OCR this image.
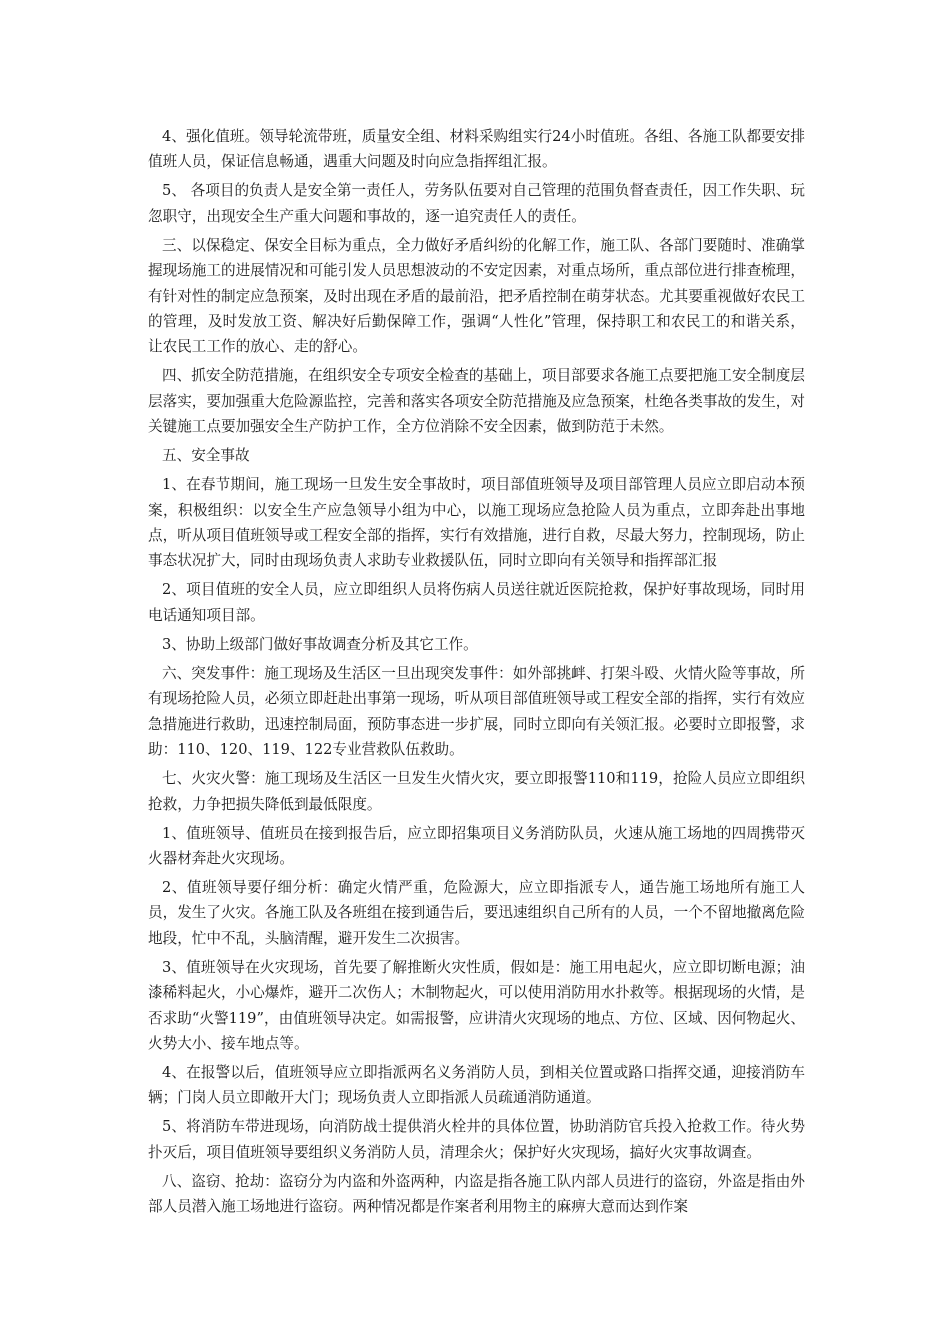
4、强化值班。领导轮流带班，质量安全组、材料采购组实行24小时值班。各组、各施工队都要安排值班人员，保证信息畅通，遇重大问题及时向应急指挥组汇报。

5、 各项目的负责人是安全第一责任人，劳务队伍要对自己管理的范围负督查责任，因工作失职、玩忽职守，出现安全生产重大问题和事故的，逐一追究责任人的责任。

三、以保稳定、保安全目标为重点，全力做好矛盾纠纷的化解工作，施工队、各部门要随时、准确掌握现场施工的进展情况和可能引发人员思想波动的不安定因素，对重点场所，重点部位进行排查梳理，有针对性的制定应急预案，及时出现在矛盾的最前沿，把矛盾控制在萌芽状态。尤其要重视做好农民工的管理，及时发放工资、解决好后勤保障工作，强调“人性化”管理，保持职工和农民工的和谐关系，让农民工工作的放心、走的舒心。

四、抓安全防范措施，在组织安全专项安全检查的基础上，项目部要求各施工点要把施工安全制度层层落实，要加强重大危险源监控，完善和落实各项安全防范措施及应急预案，杜绝各类事故的发生，对关键施工点要加强安全生产防护工作，全方位消除不安全因素，做到防范于未然。

五、安全事故

1、在春节期间，施工现场一旦发生安全事故时，项目部值班领导及项目部管理人员应立即启动本预案，积极组织：以安全生产应急领导小组为中心，以施工现场应急抢险人员为重点，立即奔赴出事地点，听从项目值班领导或工程安全部的指挥，实行有效措施，进行自救，尽最大努力，控制现场，防止事态状况扩大，同时由现场负责人求助专业救援队伍，同时立即向有关领导和指挥部汇报

2、项目值班的安全人员，应立即组织人员将伤病人员送往就近医院抢救，保护好事故现场，同时用电话通知项目部。

3、协助上级部门做好事故调查分析及其它工作。

六、突发事件：施工现场及生活区一旦出现突发事件：如外部挑衅、打架斗殴、火情火险等事故，所有现场抢险人员，必须立即赶赴出事第一现场，听从项目部值班领导或工程安全部的指挥，实行有效应急措施进行救助，迅速控制局面，预防事态进一步扩展，同时立即向有关领汇报。必要时立即报警，求助：110、120、119、122专业营救队伍救助。

七、火灾火警：施工现场及生活区一旦发生火情火灾，要立即报警110和119，抢险人员应立即组织抢救，力争把损失降低到最低限度。

1、值班领导、值班员在接到报告后，应立即招集项目义务消防队员，火速从施工场地的四周携带灭火器材奔赴火灾现场。

2、值班领导要仔细分析：确定火情严重，危险源大，应立即指派专人，通告施工场地所有施工人员，发生了火灾。各施工队及各班组在接到通告后，要迅速组织自己所有的人员，一个不留地撤离危险地段，忙中不乱，头脑清醒，避开发生二次损害。

3、值班领导在火灾现场，首先要了解推断火灾性质，假如是：施工用电起火，应立即切断电源；油漆稀料起火，小心爆炸，避开二次伤人；木制物起火，可以使用消防用水扑救等。根据现场的火情，是否求助“火警119”，由值班领导决定。如需报警，应讲清火灾现场的地点、方位、区域、因何物起火、火势大小、接车地点等。

4、在报警以后，值班领导应立即指派两名义务消防人员，到相关位置或路口指挥交通，迎接消防车辆；门岗人员立即敞开大门；现场负责人立即指派人员疏通消防通道。

5、将消防车带进现场，向消防战士提供消火栓井的具体位置，协助消防官兵投入抢救工作。待火势扑灭后，项目值班领导要组织义务消防人员，清理余火；保护好火灾现场，搞好火灾事故调查。

八、盗窃、抢劫：盗窃分为内盗和外盗两种，内盗是指各施工队内部人员进行的盗窃，外盗是指由外部人员潜入施工场地进行盗窃。两种情况都是作案者利用物主的麻痹大意而达到作案
